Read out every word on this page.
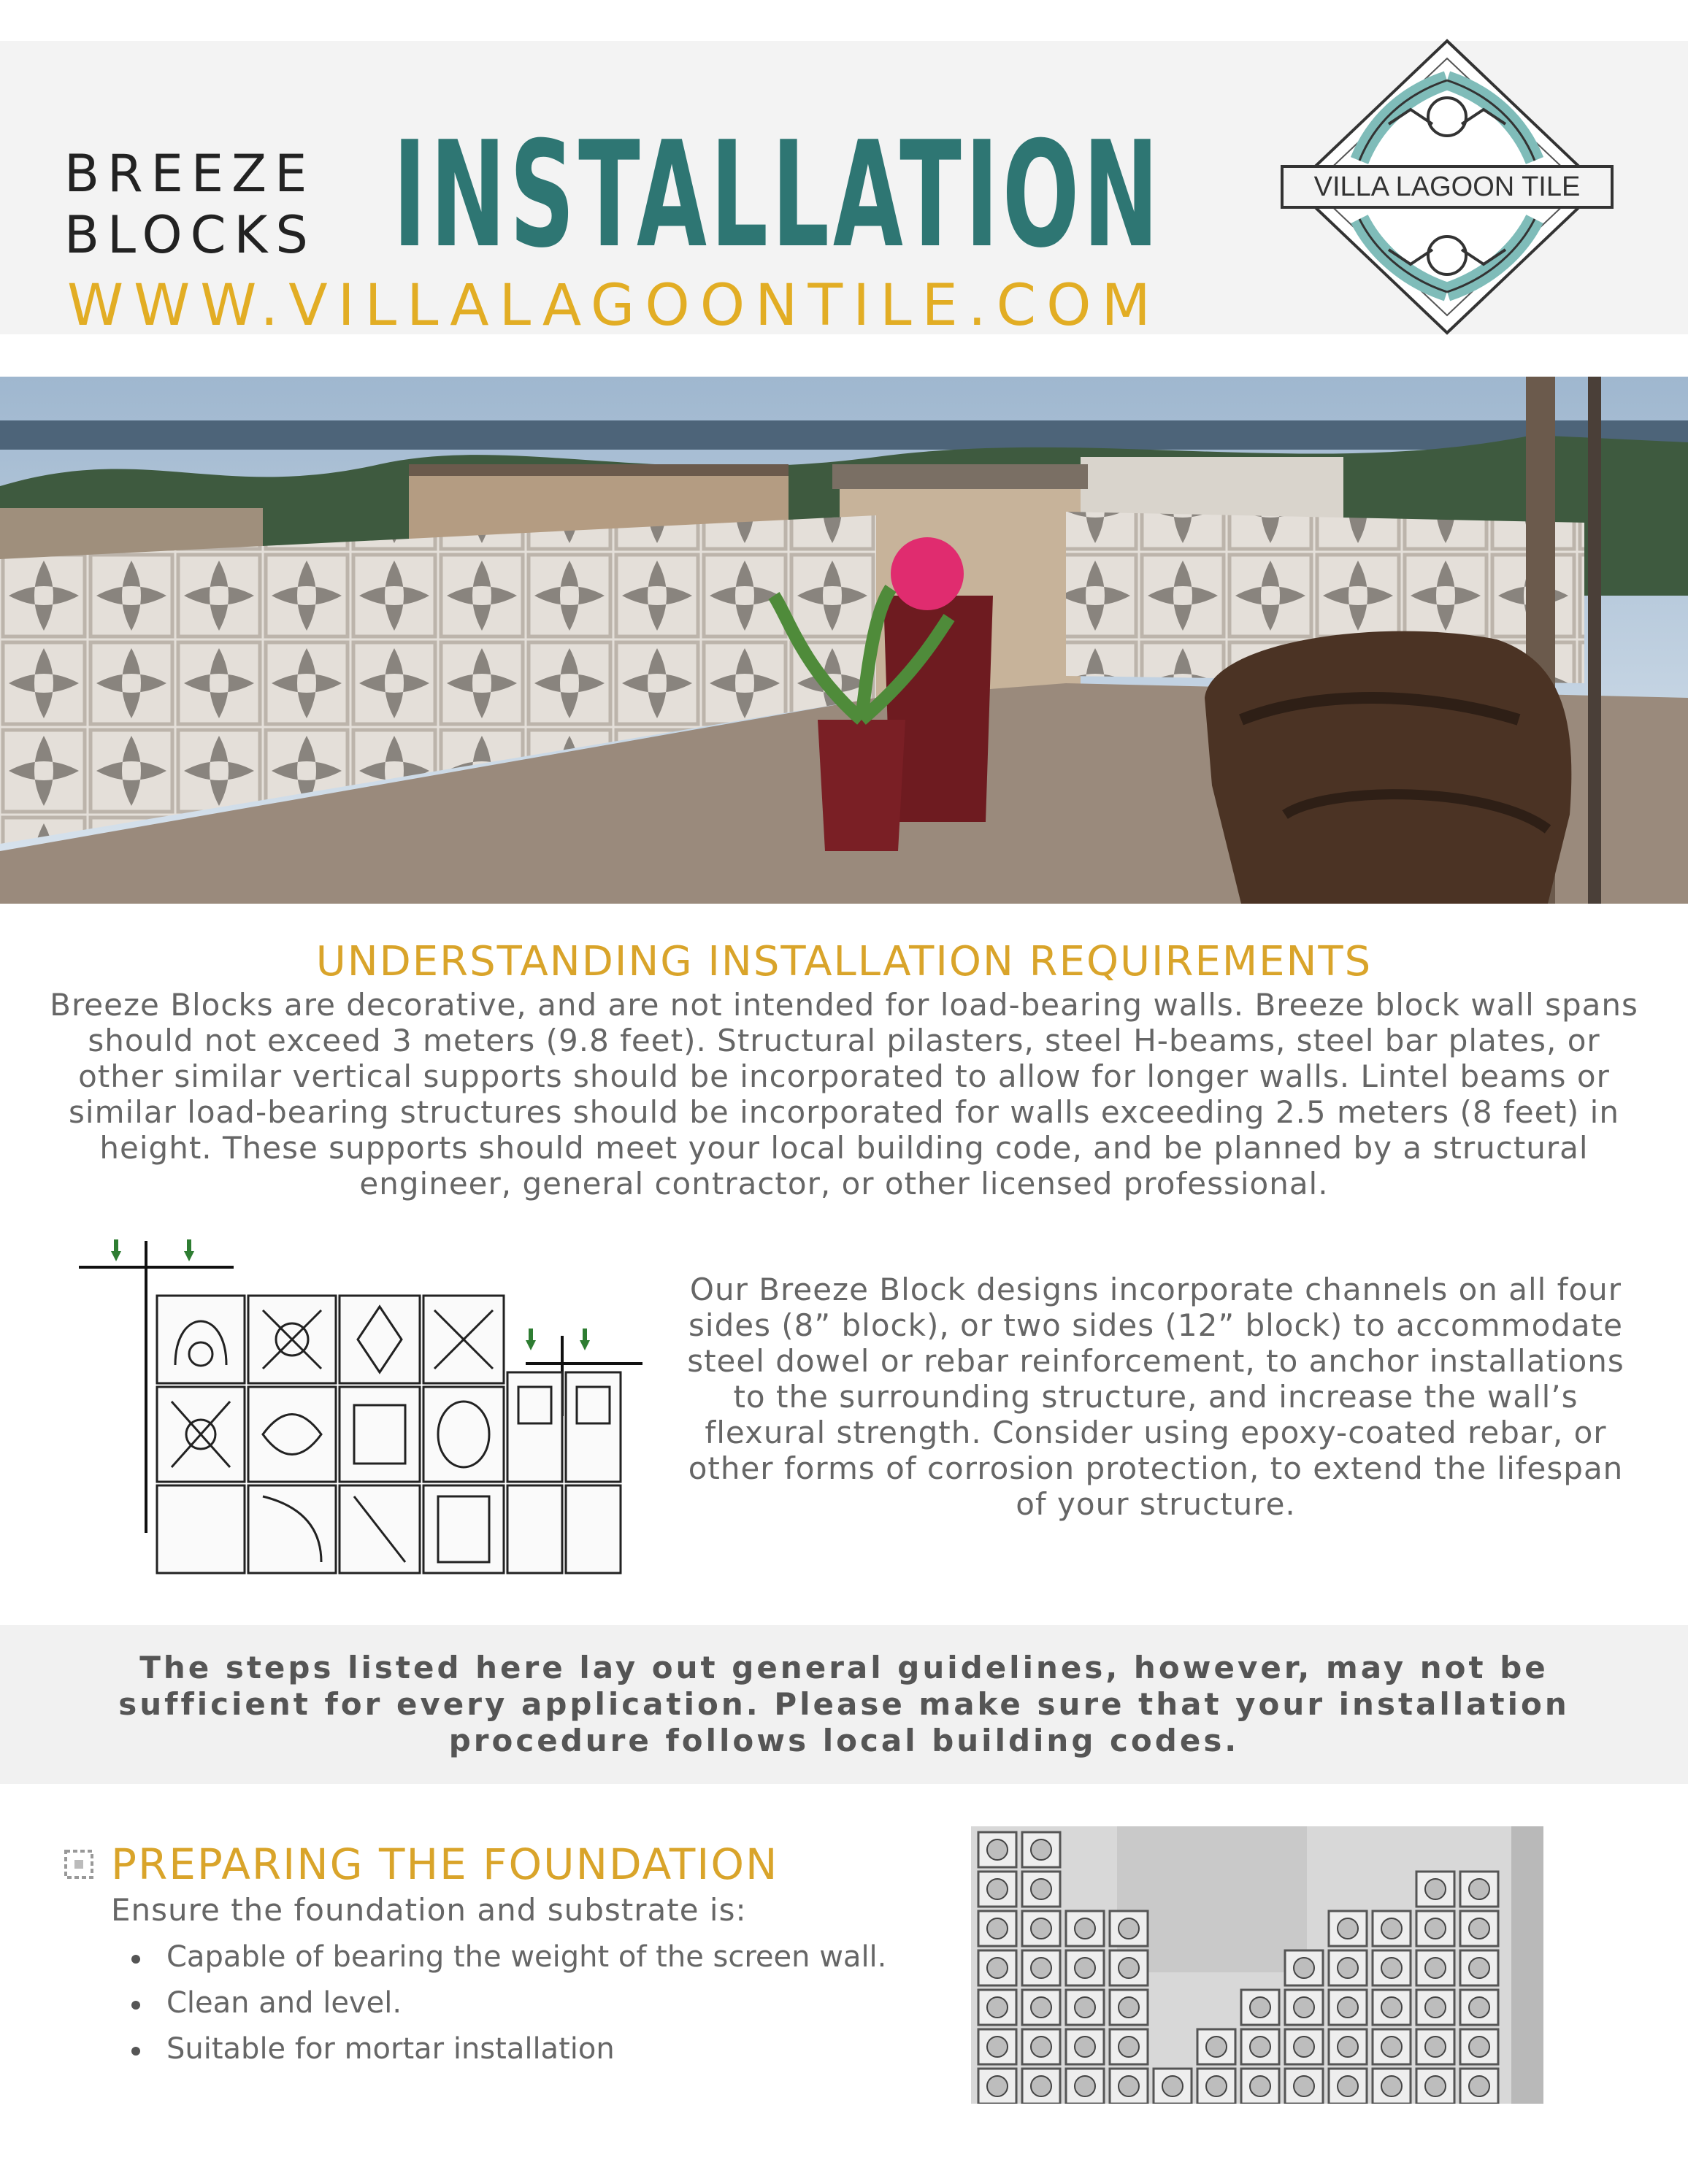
BREEZE
BLOCKS INSTALLATION
WWW.VILLALAGOONTILE.COM
VILLA LAGOON TILE
UNDERSTANDING INSTALLATION REQUIREMENTS
Breeze Blocks are decorative, and are not intended for load-bearing walls. Breeze block wall spans should not exceed 3 meters (9.8 feet). Structural pilasters, steel H-beams, steel bar plates, or other similar vertical supports should be incorporated to allow for longer walls. Lintel beams or similar load-bearing structures should be incorporated for walls exceeding 2.5 meters (8 feet) in height. These supports should meet your local building code, and be planned by a structural engineer, general contractor, or other licensed professional.
Our Breeze Block designs incorporate channels on all four sides (8” block), or two sides (12” block) to accommodate steel dowel or rebar reinforcement, to anchor installations to the surrounding structure, and increase the wall’s flexural strength. Consider using epoxy-coated rebar, or other forms of corrosion protection, to extend the lifespan of your structure.
The steps listed here lay out general guidelines, however, may not be sufficient for every application. Please make sure that your installation procedure follows local building codes.
PREPARING THE FOUNDATION
Ensure the foundation and substrate is:
Capable of bearing the weight of the screen wall.
Clean and level.
Suitable for mortar installation
